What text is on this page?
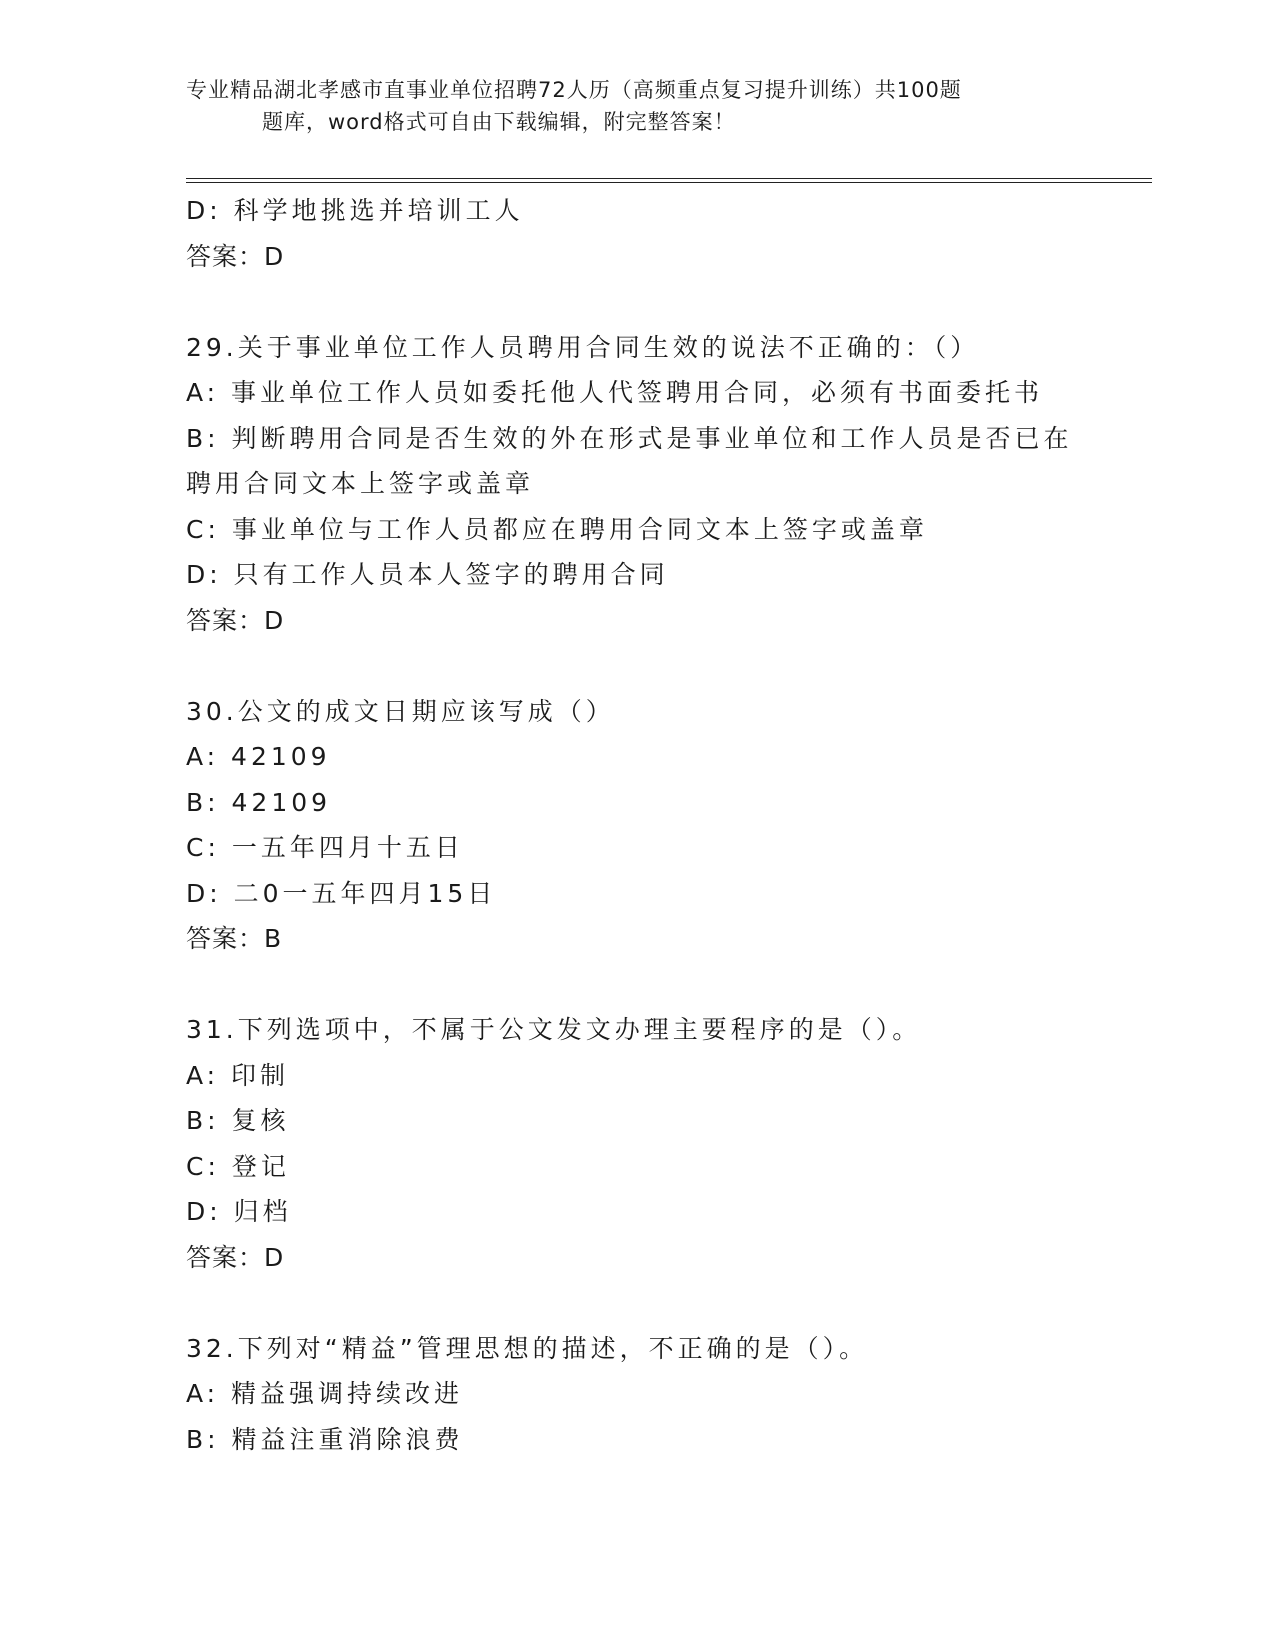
专业精品湖北孝感市直事业单位招聘72人历（高频重点复习提升训练）共100题
题库，word格式可自由下载编辑，附完整答案！
D: 科学地挑选并培训工人
答案：D
29.关于事业单位工作人员聘用合同生效的说法不正确的：（）
A: 事业单位工作人员如委托他人代签聘用合同，必须有书面委托书
B: 判断聘用合同是否生效的外在形式是事业单位和工作人员是否已在
聘用合同文本上签字或盖章
C: 事业单位与工作人员都应在聘用合同文本上签字或盖章
D: 只有工作人员本人签字的聘用合同
答案：D
30.公文的成文日期应该写成（）
A: 42109
B: 42109
C: 一五年四月十五日
D: 二0一五年四月15日
答案：B
31.下列选项中，不属于公文发文办理主要程序的是（）。
A: 印制
B: 复核
C: 登记
D: 归档
答案：D
32.下列对“精益”管理思想的描述，不正确的是（）。
A: 精益强调持续改进
B: 精益注重消除浪费
